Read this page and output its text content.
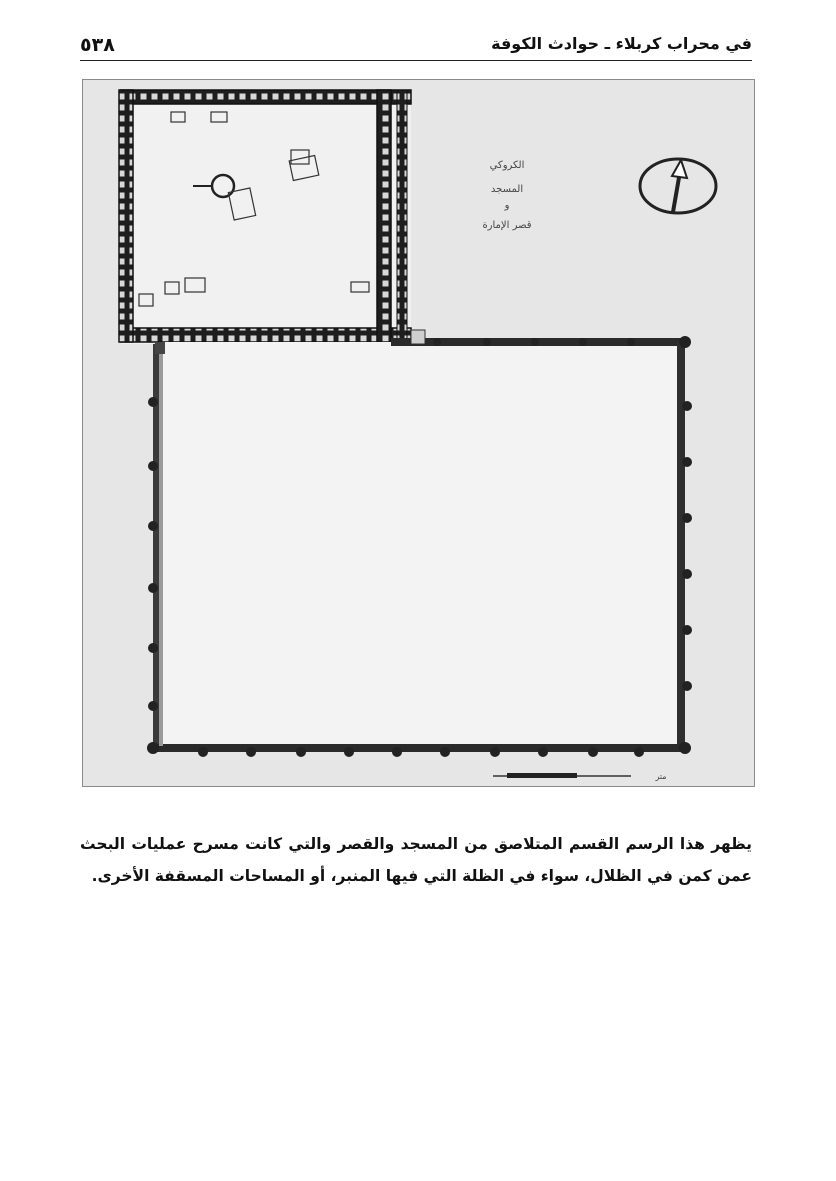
٥٣٨	في محراب كربلاء ـ حوادث الكوفة
الكروكي
المسجد
و
قصر الإمارة
متر

يظهر هذا الرسم القسم المتلاصق من المسجد والقصر والتي كانت مسرح عمليات البحث عمن كمن في الظلال، سواء في الظلة التي فيها المنبر، أو المساحات المسقفة الأخرى.
